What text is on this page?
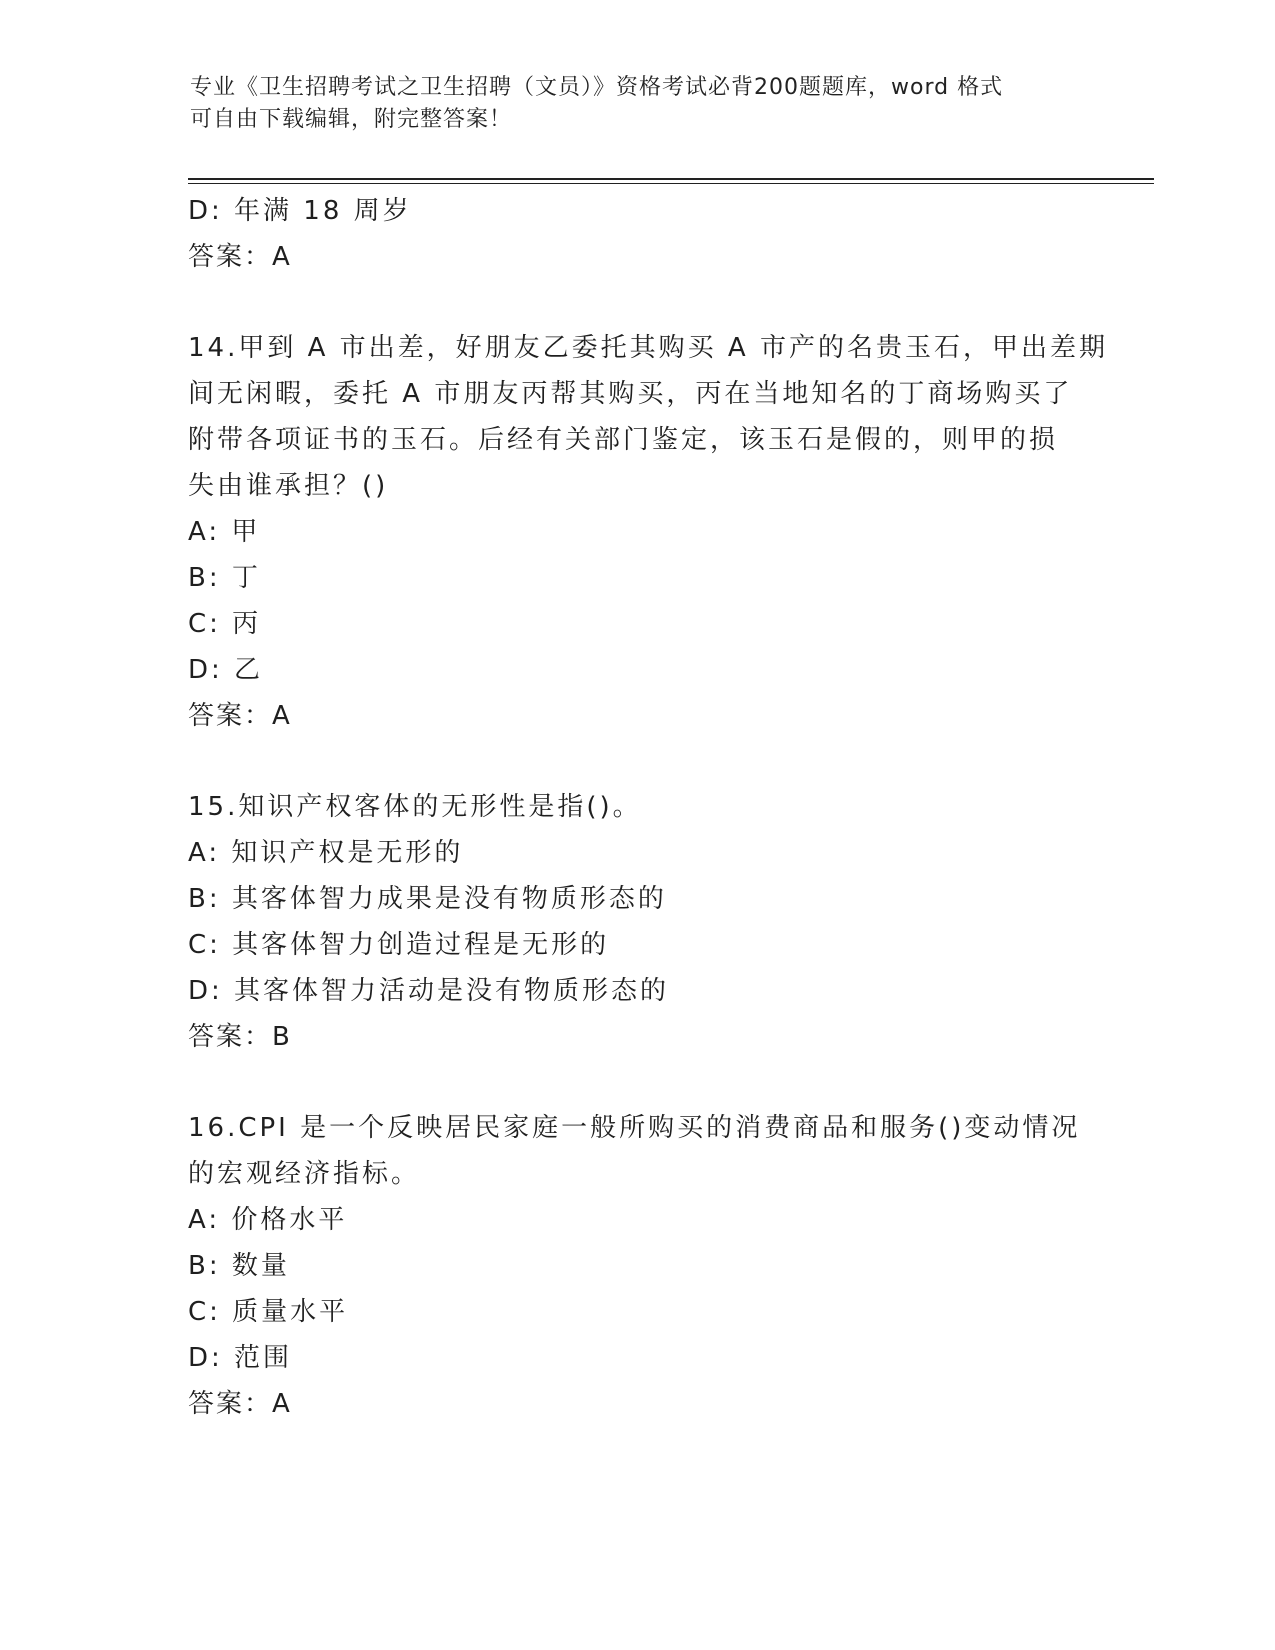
专业《卫生招聘考试之卫生招聘（文员）》资格考试必背200题题库，word 格式
可自由下载编辑，附完整答案！
D: 年满 18 周岁
答案：A
14.甲到 A 市出差，好朋友乙委托其购买 A 市产的名贵玉石，甲出差期
间无闲暇，委托 A 市朋友丙帮其购买，丙在当地知名的丁商场购买了
附带各项证书的玉石。后经有关部门鉴定，该玉石是假的，则甲的损
失由谁承担？()
A: 甲
B: 丁
C: 丙
D: 乙
答案：A
15.知识产权客体的无形性是指()。
A: 知识产权是无形的
B: 其客体智力成果是没有物质形态的
C: 其客体智力创造过程是无形的
D: 其客体智力活动是没有物质形态的
答案：B
16.CPI 是一个反映居民家庭一般所购买的消费商品和服务()变动情况
的宏观经济指标。
A: 价格水平
B: 数量
C: 质量水平
D: 范围
答案：A
